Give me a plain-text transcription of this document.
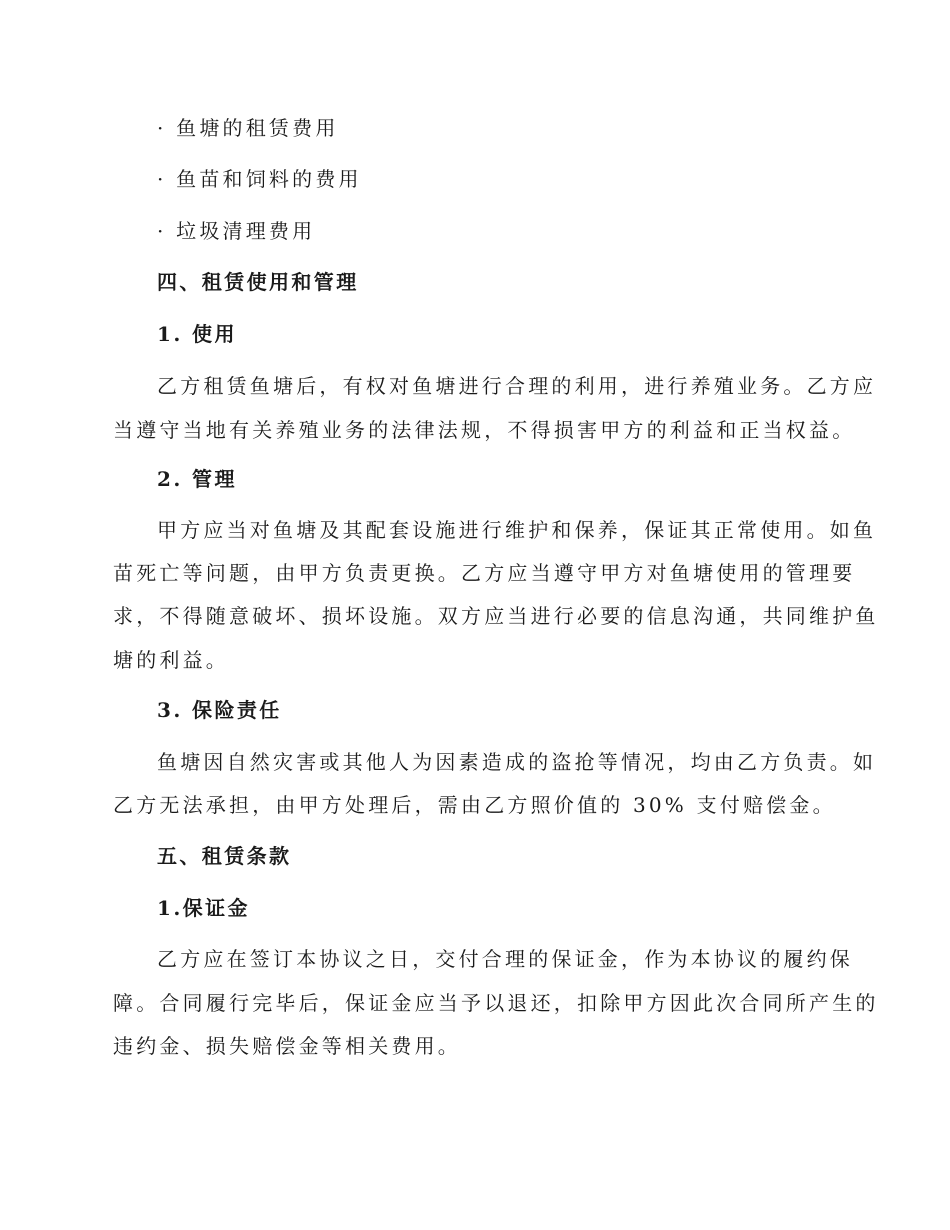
· 鱼塘的租赁费用
· 鱼苗和饲料的费用
· 垃圾清理费用
四、租赁使用和管理
1. 使用
乙方租赁鱼塘后，有权对鱼塘进行合理的利用，进行养殖业务。乙方应
当遵守当地有关养殖业务的法律法规，不得损害甲方的利益和正当权益。
2. 管理
甲方应当对鱼塘及其配套设施进行维护和保养，保证其正常使用。如鱼
苗死亡等问题，由甲方负责更换。乙方应当遵守甲方对鱼塘使用的管理要
求，不得随意破坏、损坏设施。双方应当进行必要的信息沟通，共同维护鱼
塘的利益。
3. 保险责任
鱼塘因自然灾害或其他人为因素造成的盗抢等情况，均由乙方负责。如
乙方无法承担，由甲方处理后，需由乙方照价值的 30% 支付赔偿金。
五、租赁条款
1.保证金
乙方应在签订本协议之日，交付合理的保证金，作为本协议的履约保
障。合同履行完毕后，保证金应当予以退还，扣除甲方因此次合同所产生的
违约金、损失赔偿金等相关费用。
